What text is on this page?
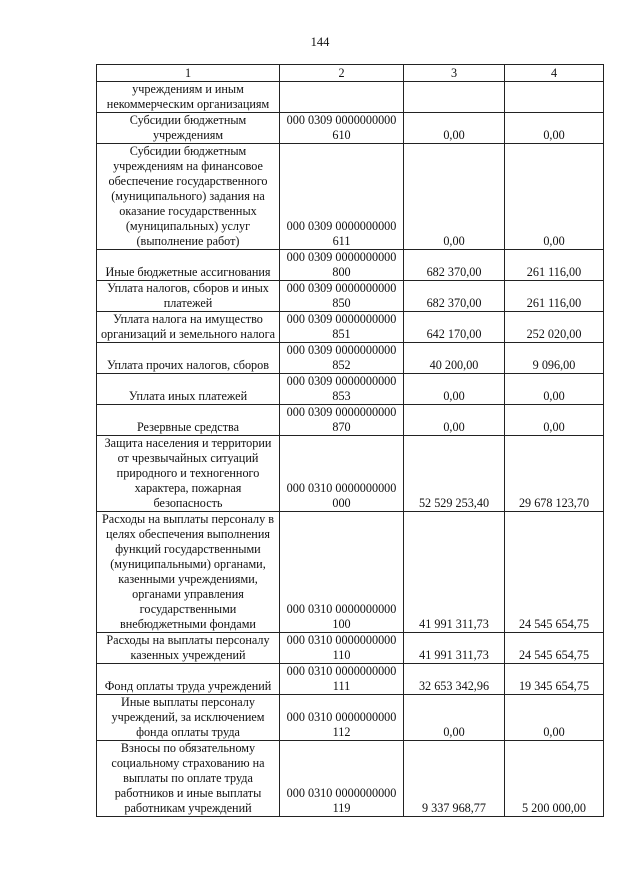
144
1	2	3	4
учреждениям и иным некоммерческим организациям			
Субсидии бюджетным учреждениям	000 0309 0000000000 610	0,00	0,00
Субсидии бюджетным учреждениям на финансовое обеспечение государственного (муниципального) задания на оказание государственных (муниципальных) услуг (выполнение работ)	000 0309 0000000000 611	0,00	0,00
Иные бюджетные ассигнования	000 0309 0000000000 800	682 370,00	261 116,00
Уплата налогов, сборов и иных платежей	000 0309 0000000000 850	682 370,00	261 116,00
Уплата налога на имущество организаций и земельного налога	000 0309 0000000000 851	642 170,00	252 020,00
Уплата прочих налогов, сборов	000 0309 0000000000 852	40 200,00	9 096,00
Уплата иных платежей	000 0309 0000000000 853	0,00	0,00
Резервные средства	000 0309 0000000000 870	0,00	0,00
Защита населения и территории от чрезвычайных ситуаций природного и техногенного характера, пожарная безопасность	000 0310 0000000000 000	52 529 253,40	29 678 123,70
Расходы на выплаты персоналу в целях обеспечения выполнения функций государственными (муниципальными) органами, казенными учреждениями, органами управления государственными внебюджетными фондами	000 0310 0000000000 100	41 991 311,73	24 545 654,75
Расходы на выплаты персоналу казенных учреждений	000 0310 0000000000 110	41 991 311,73	24 545 654,75
Фонд оплаты труда учреждений	000 0310 0000000000 111	32 653 342,96	19 345 654,75
Иные выплаты персоналу учреждений, за исключением фонда оплаты труда	000 0310 0000000000 112	0,00	0,00
Взносы по обязательному социальному страхованию на выплаты по оплате труда работников и иные выплаты работникам учреждений	000 0310 0000000000 119	9 337 968,77	5 200 000,00
